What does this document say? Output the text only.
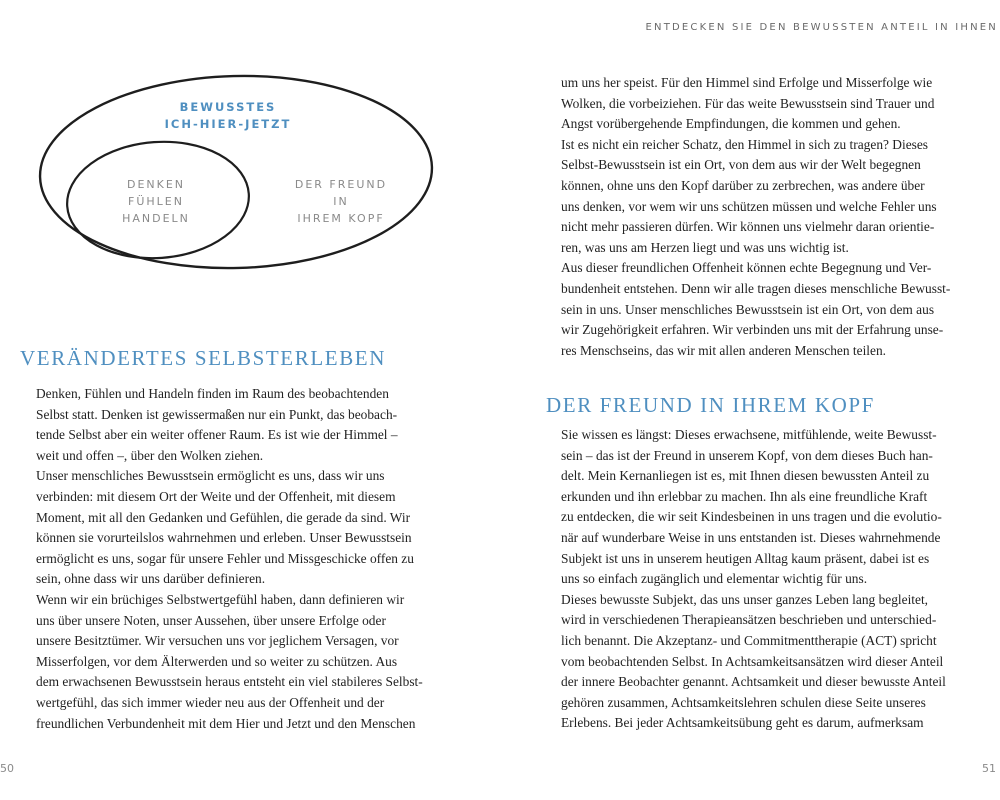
ENTDECKEN SIE DEN BEWUSSTEN ANTEIL IN IHNEN
BEWUSSTES
ICH-HIER-JETZT
DENKEN
FÜHLEN
HANDELN
DER FREUND
IN
IHREM KOPF
VERÄNDERTES SELBSTERLEBEN
Denken, Fühlen und Handeln finden im Raum des beobachtenden
Selbst statt. Denken ist gewissermaßen nur ein Punkt, das beobach-
tende Selbst aber ein weiter offener Raum. Es ist wie der Himmel –
weit und offen –, über den Wolken ziehen.
Unser menschliches Bewusstsein ermöglicht es uns, dass wir uns
verbinden: mit diesem Ort der Weite und der Offenheit, mit diesem
Moment, mit all den Gedanken und Gefühlen, die gerade da sind. Wir
können sie vorurteilslos wahrnehmen und erleben. Unser Bewusstsein
ermöglicht es uns, sogar für unsere Fehler und Missgeschicke offen zu
sein, ohne dass wir uns darüber definieren.
Wenn wir ein brüchiges Selbstwertgefühl haben, dann definieren wir
uns über unsere Noten, unser Aussehen, über unsere Erfolge oder
unsere Besitztümer. Wir versuchen uns vor jeglichem Versagen, vor
Misserfolgen, vor dem Älterwerden und so weiter zu schützen. Aus
dem erwachsenen Bewusstsein heraus entsteht ein viel stabileres Selbst-
wertgefühl, das sich immer wieder neu aus der Offenheit und der
freundlichen Verbundenheit mit dem Hier und Jetzt und den Menschen
um uns her speist. Für den Himmel sind Erfolge und Misserfolge wie
Wolken, die vorbeiziehen. Für das weite Bewusstsein sind Trauer und
Angst vorübergehende Empfindungen, die kommen und gehen.
Ist es nicht ein reicher Schatz, den Himmel in sich zu tragen? Dieses
Selbst-Bewusstsein ist ein Ort, von dem aus wir der Welt begegnen
können, ohne uns den Kopf darüber zu zerbrechen, was andere über
uns denken, vor wem wir uns schützen müssen und welche Fehler uns
nicht mehr passieren dürfen. Wir können uns vielmehr daran orientie-
ren, was uns am Herzen liegt und was uns wichtig ist.
Aus dieser freundlichen Offenheit können echte Begegnung und Ver-
bundenheit entstehen. Denn wir alle tragen dieses menschliche Bewusst-
sein in uns. Unser menschliches Bewusstsein ist ein Ort, von dem aus
wir Zugehörigkeit erfahren. Wir verbinden uns mit der Erfahrung unse-
res Menschseins, das wir mit allen anderen Menschen teilen.
DER FREUND IN IHREM KOPF
Sie wissen es längst: Dieses erwachsene, mitfühlende, weite Bewusst-
sein – das ist der Freund in unserem Kopf, von dem dieses Buch han-
delt. Mein Kernanliegen ist es, mit Ihnen diesen bewussten Anteil zu
erkunden und ihn erlebbar zu machen. Ihn als eine freundliche Kraft
zu entdecken, die wir seit Kindesbeinen in uns tragen und die evolutio-
när auf wunderbare Weise in uns entstanden ist. Dieses wahrnehmende
Subjekt ist uns in unserem heutigen Alltag kaum präsent, dabei ist es
uns so einfach zugänglich und elementar wichtig für uns.
Dieses bewusste Subjekt, das uns unser ganzes Leben lang begleitet,
wird in verschiedenen Therapieansätzen beschrieben und unterschied-
lich benannt. Die Akzeptanz- und Commitmenttherapie (ACT) spricht
vom beobachtenden Selbst. In Achtsamkeitsansätzen wird dieser Anteil
der innere Beobachter genannt. Achtsamkeit und dieser bewusste Anteil
gehören zusammen, Achtsamkeitslehren schulen diese Seite unseres
Erlebens. Bei jeder Achtsamkeitsübung geht es darum, aufmerksam
50	51
